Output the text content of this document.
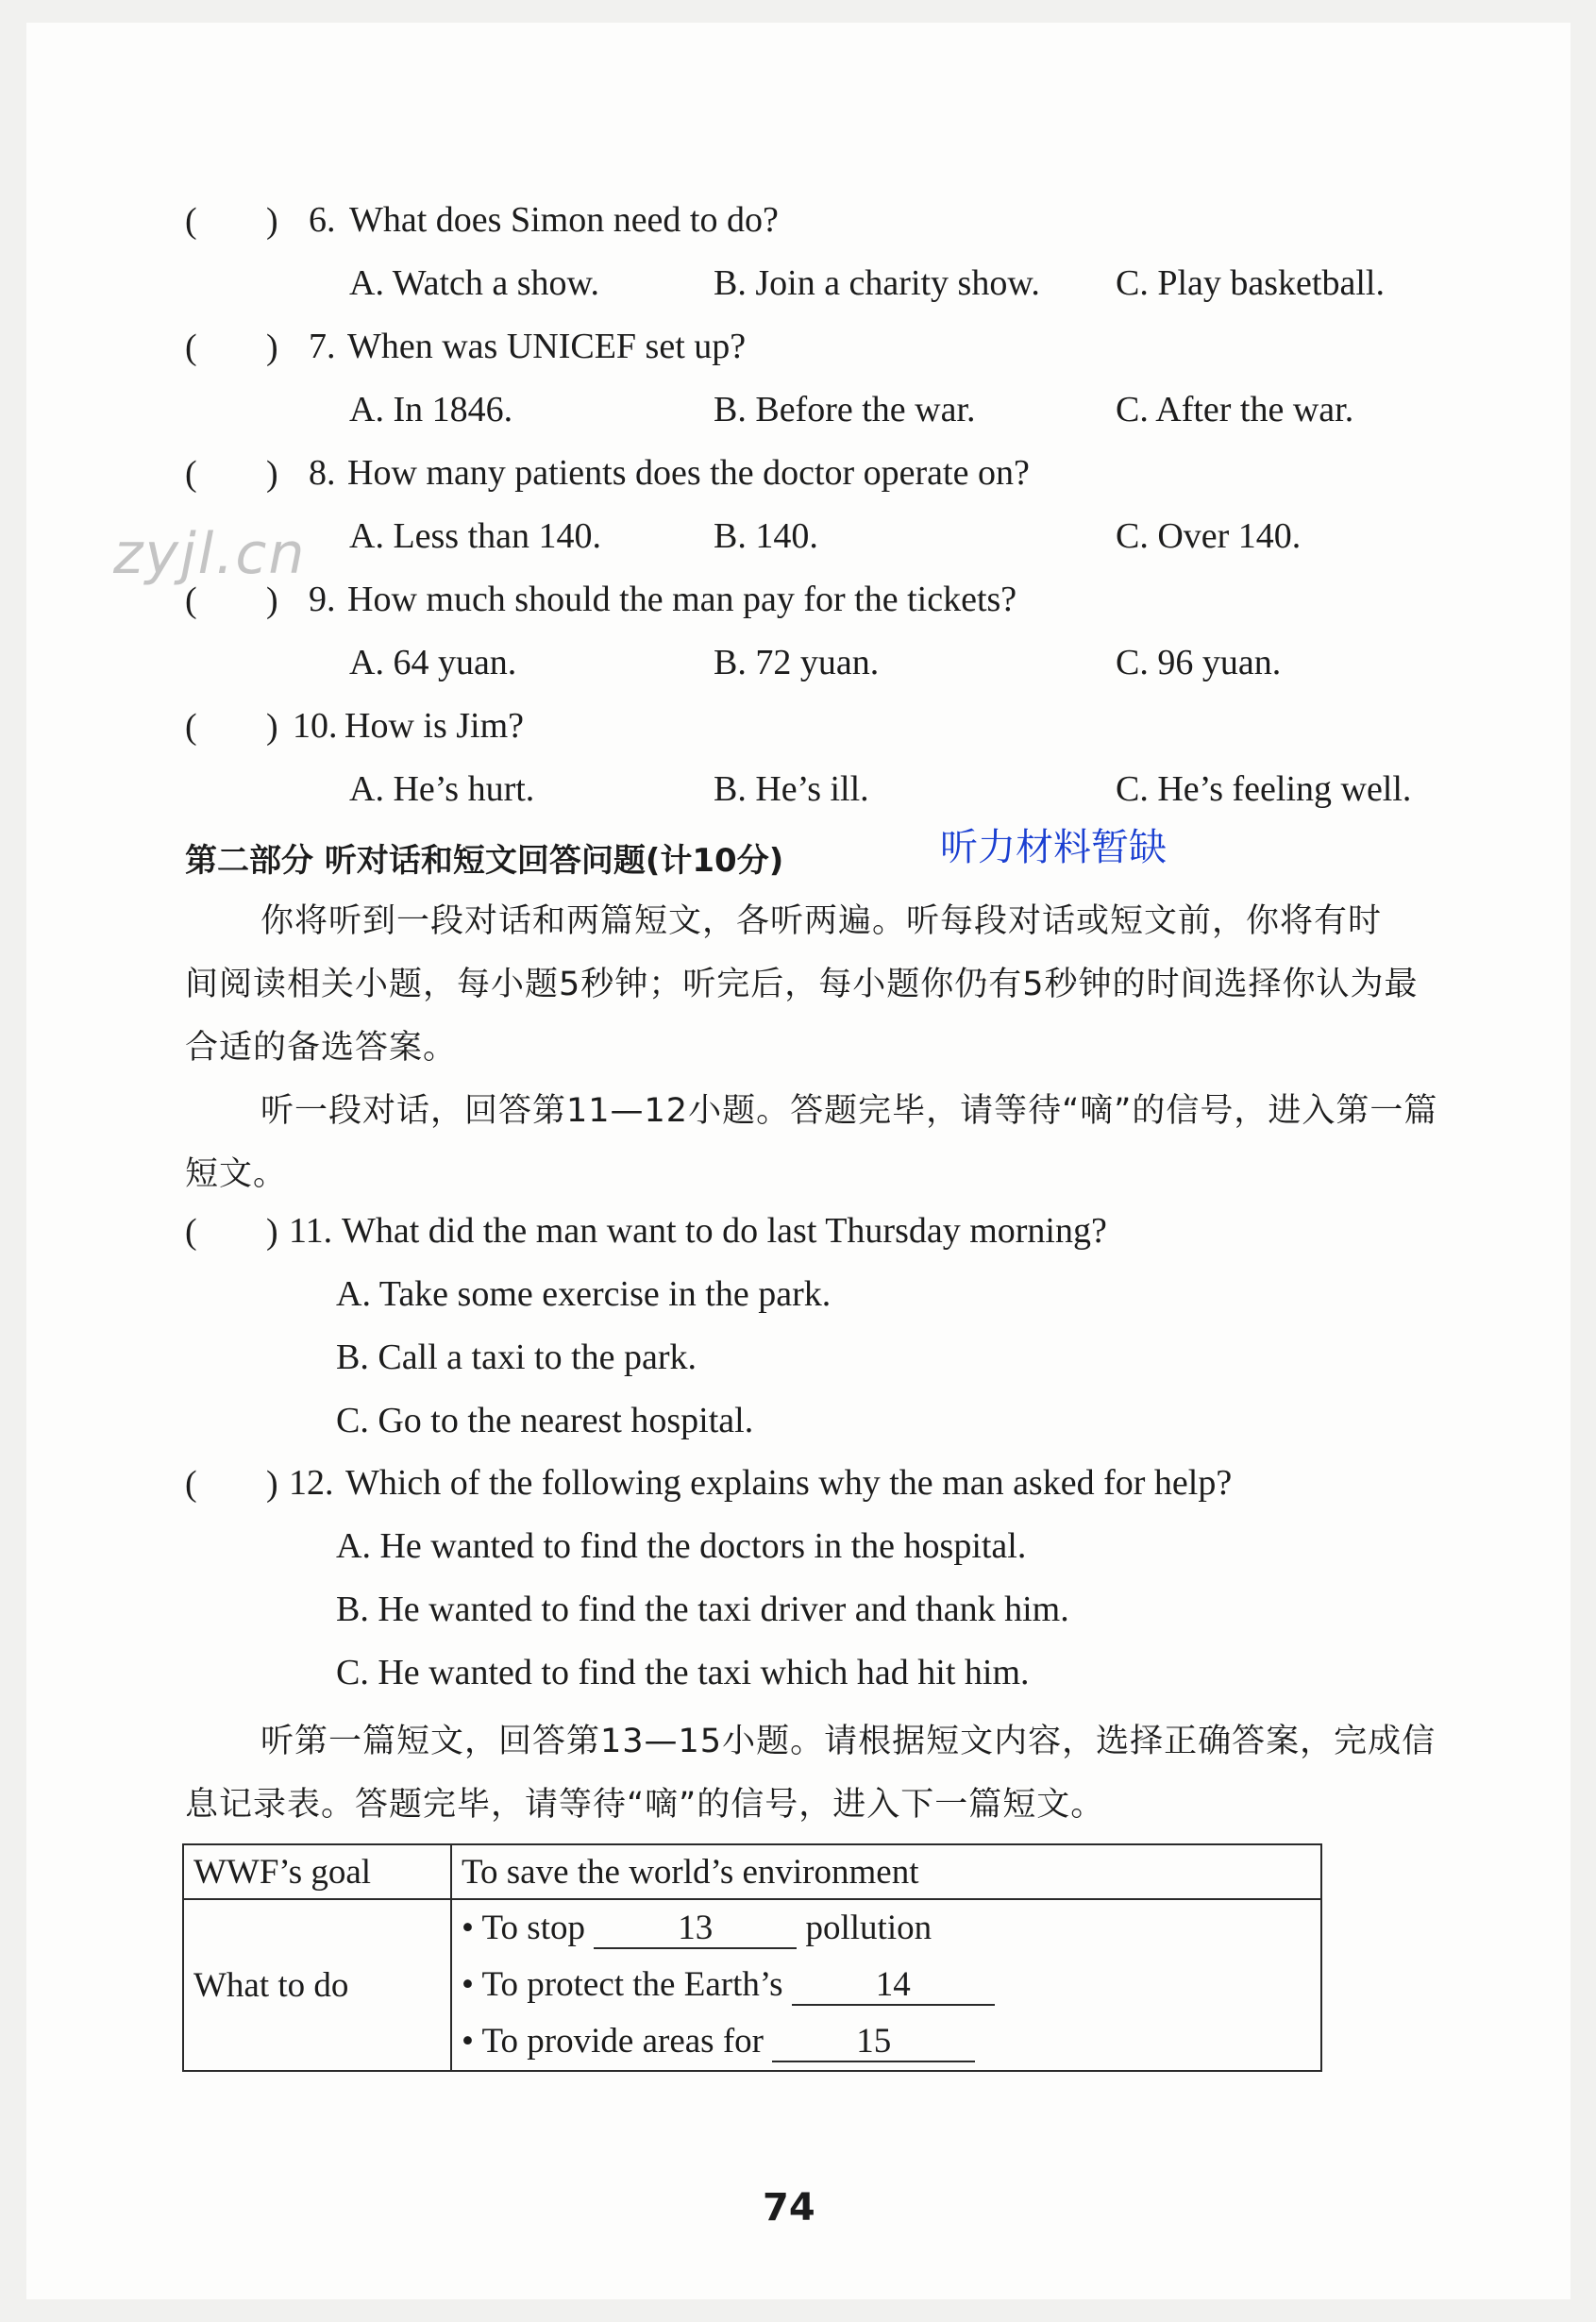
( ) 6. What does Simon need to do?
A. Watch a show.	B. Join a charity show. C. Play basketball.
( ) 7. When was UNICEF set up?
A. In 1846.	B. Before the war.	C. After the war.
( ) 8. How many patients does the doctor operate on?
A. Less than 140.	B. 140.	C. Over 140.
zyjl.cn
( ) 9. How much should the man pay for the tickets?
A. 64 yuan.	B. 72 yuan.	C. 96 yuan.
( ) 10. How is Jim?
A. He’s hurt.	B. He’s ill.	C. He’s feeling well.
第二部分 听对话和短文回答问题(计10分)	听力材料暂缺
你将听到一段对话和两篇短文，各听两遍。听每段对话或短文前，你将有时
间阅读相关小题，每小题5秒钟；听完后，每小题你仍有5秒钟的时间选择你认为最
合适的备选答案。
听一段对话，回答第11—12小题。答题完毕，请等待“嘀”的信号，进入第一篇
短文。
( ) 11. What did the man want to do last Thursday morning?
A. Take some exercise in the park.
B. Call a taxi to the park.
C. Go to the nearest hospital.
( ) 12. Which of the following explains why the man asked for help?
A. He wanted to find the doctors in the hospital.
B. He wanted to find the taxi driver and thank him.
C. He wanted to find the taxi which had hit him.
听第一篇短文，回答第13—15小题。请根据短文内容，选择正确答案，完成信
息记录表。答题完毕，请等待“嘀”的信号，进入下一篇短文。
WWF’s goal	To save the world’s environment
What to do	• To stop 13 pollution
• To protect the Earth’s 14
• To provide areas for 15
74
